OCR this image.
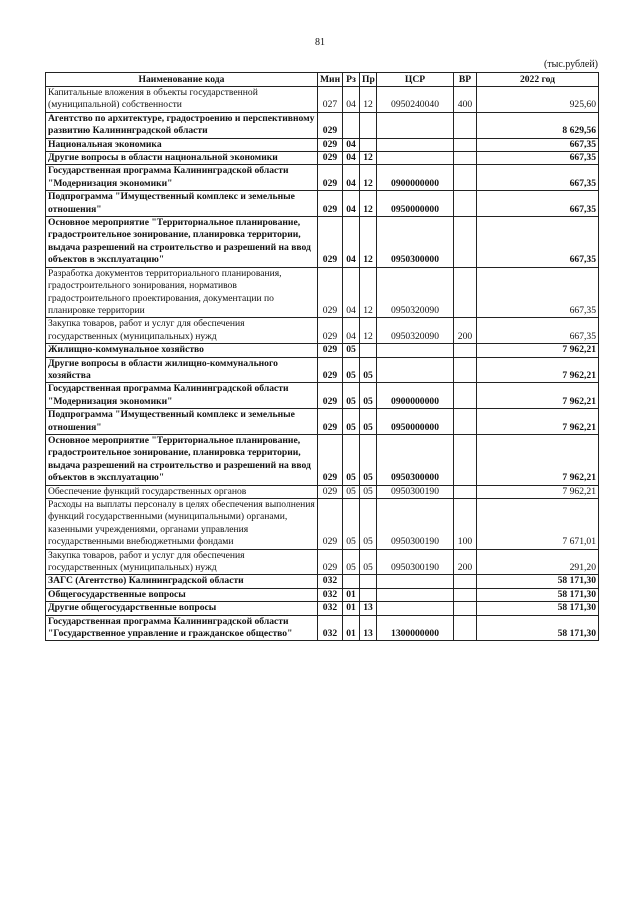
81
(тыс.рублей)
Наименование кода	Мин	Рз	Пр	ЦСР	ВР	2022 год
Капитальные вложения в объекты государственной (муниципальной) собственности	027	04	12	0950240040	400	925,60
Агентство по архитектуре, градостроению и перспективному развитию Калининградской области	029					8 629,56
Национальная экономика	029	04				667,35
Другие вопросы в области национальной экономики	029	04	12			667,35
Государственная программа Калининградской области "Модернизация экономики"	029	04	12	0900000000		667,35
Подпрограмма "Имущественный комплекс и земельные отношения"	029	04	12	0950000000		667,35
Основное мероприятие "Территориальное планирование, градостроительное зонирование, планировка территории, выдача разрешений на строительство и разрешений на ввод объектов в эксплуатацию"	029	04	12	0950300000		667,35
Разработка документов территориального планирования, градостроительного зонирования, нормативов градостроительного проектирования, документации по планировке территории	029	04	12	0950320090		667,35
Закупка товаров, работ и услуг для обеспечения государственных (муниципальных) нужд	029	04	12	0950320090	200	667,35
Жилищно-коммунальное хозяйство	029	05				7 962,21
Другие вопросы в области жилищно-коммунального хозяйства	029	05	05			7 962,21
Государственная программа Калининградской области "Модернизация экономики"	029	05	05	0900000000		7 962,21
Подпрограмма "Имущественный комплекс и земельные отношения"	029	05	05	0950000000		7 962,21
Основное мероприятие "Территориальное планирование, градостроительное зонирование, планировка территории, выдача разрешений на строительство и разрешений на ввод объектов в эксплуатацию"	029	05	05	0950300000		7 962,21
Обеспечение функций государственных органов	029	05	05	0950300190		7 962,21
Расходы на выплаты персоналу в целях обеспечения выполнения функций государственными (муниципальными) органами, казенными учреждениями, органами управления государственными внебюджетными фондами	029	05	05	0950300190	100	7 671,01
Закупка товаров, работ и услуг для обеспечения государственных (муниципальных) нужд	029	05	05	0950300190	200	291,20
ЗАГС (Агентство) Калининградской области	032					58 171,30
Общегосударственные вопросы	032	01				58 171,30
Другие общегосударственные вопросы	032	01	13			58 171,30
Государственная программа Калининградской области "Государственное управление и гражданское общество"	032	01	13	1300000000		58 171,30
